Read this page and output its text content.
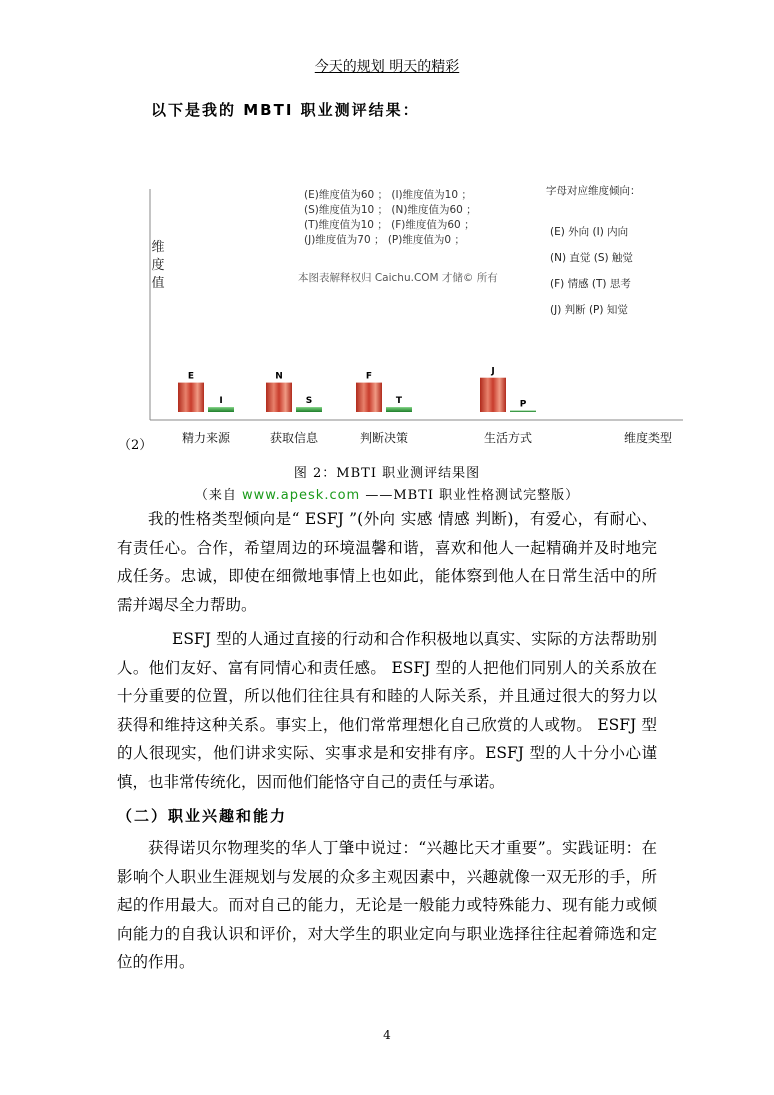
今天的规划 明天的精彩
以下是我的 MBTI 职业测评结果：
维
度
值
E
I
精力来源
N
S
获取信息
F
T
判断决策
J
P
生活方式	维度类型
(E)维度值为60 ； (I)维度值为10 ；
(S)维度值为10 ； (N)维度值为60 ；
(T)维度值为10 ； (F)维度值为60 ；
(J)维度值为70 ； (P)维度值为0 ；
本图表解释权归 Caichu.COM 才储© 所有
字母对应维度倾向：
(E) 外向 (I) 内向
(N) 直觉 (S) 触觉
(F) 情感 (T) 思考
(J) 判断 (P) 知觉
（2）
图 2：MBTI 职业测评结果图
（来自 www.apesk.com ——MBTI 职业性格测试完整版）
我的性格类型倾向是“ ESFJ ”(外向 实感 情感 判断)，有爱心，有耐心、有责任心。合作，希望周边的环境温馨和谐，喜欢和他人一起精确并及时地完成任务。忠诚，即使在细微地事情上也如此，能体察到他人在日常生活中的所需并竭尽全力帮助。
ESFJ 型的人通过直接的行动和合作积极地以真实、实际的方法帮助别人。他们友好、富有同情心和责任感。 ESFJ 型的人把他们同别人的关系放在十分重要的位置，所以他们往往具有和睦的人际关系，并且通过很大的努力以 获得和维持这种关系。事实上，他们常常理想化自己欣赏的人或物。 ESFJ 型的人很现实，他们讲求实际、实事求是和安排有序。ESFJ 型的人十分小心谨慎，也非常传统化，因而他们能恪守自己的责任与承诺。
（二）职业兴趣和能力
获得诺贝尔物理奖的华人丁肇中说过：“兴趣比天才重要”。实践证明：在影响个人职业生涯规划与发展的众多主观因素中，兴趣就像一双无形的手，所起的作用最大。而对自己的能力，无论是一般能力或特殊能力、现有能力或倾向能力的自我认识和评价，对大学生的职业定向与职业选择往往起着筛选和定位的作用。
4
